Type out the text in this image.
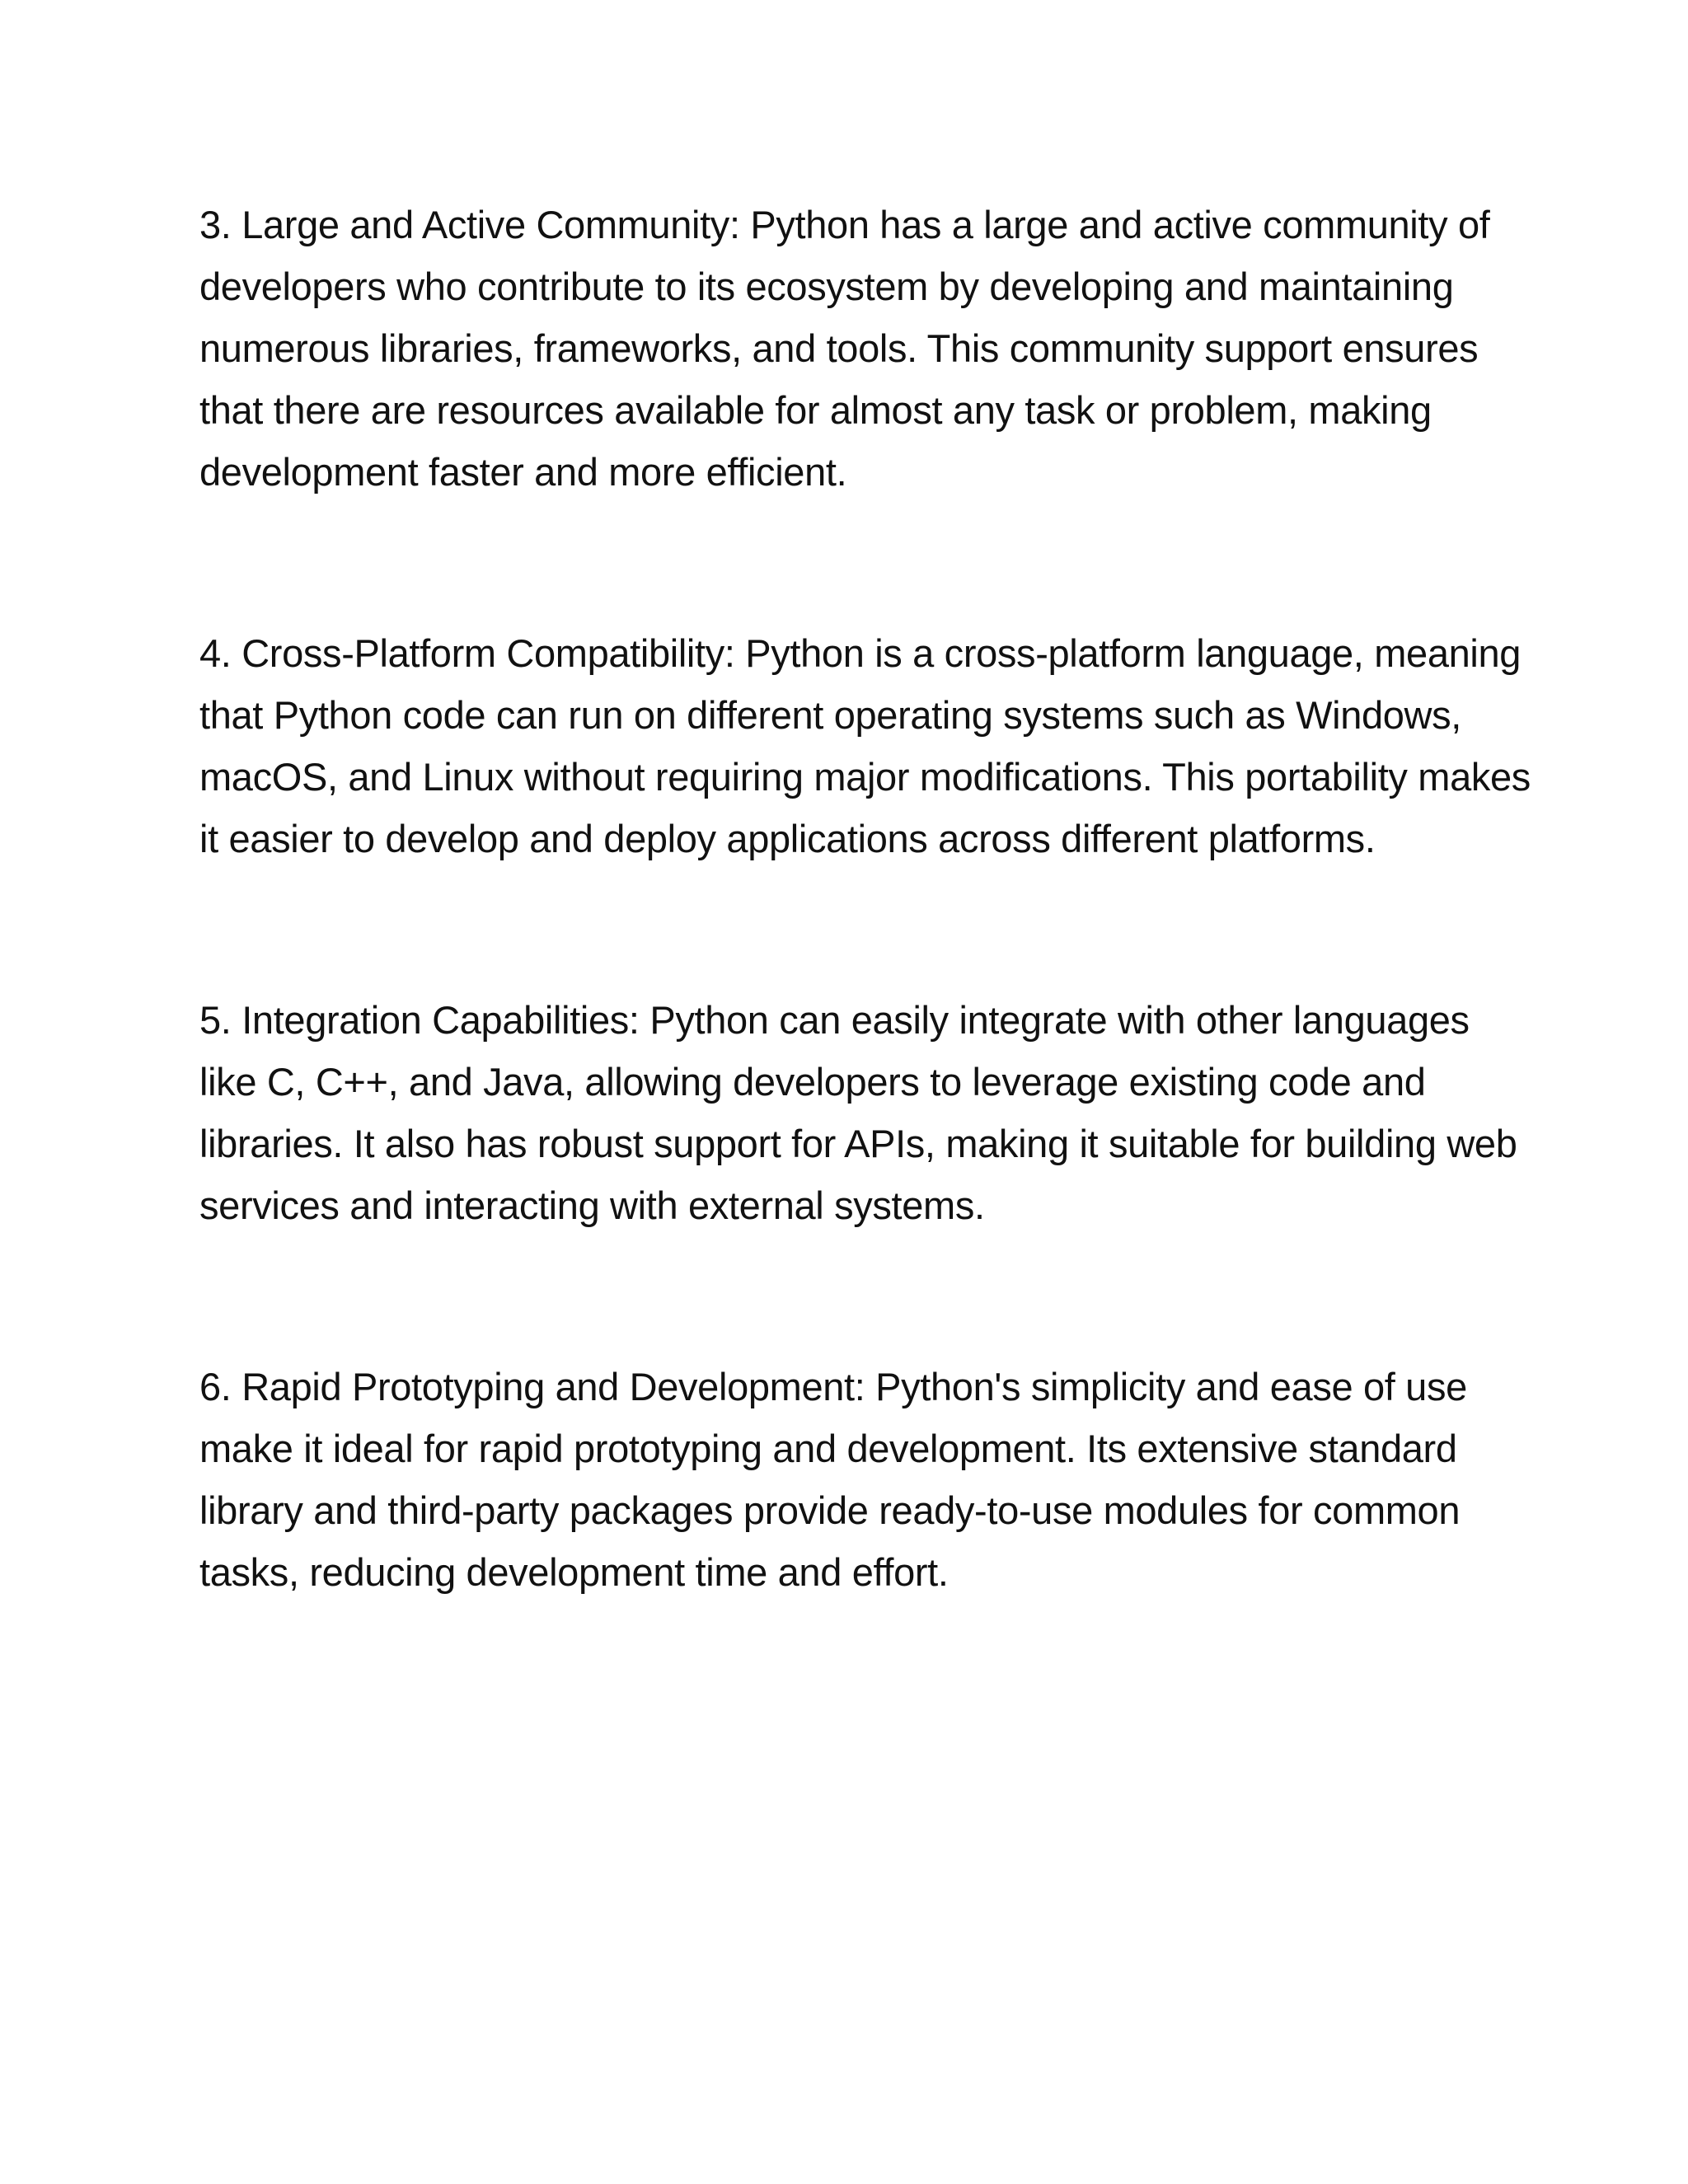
3. Large and Active Community: Python has a large and active community of developers who contribute to its ecosystem by developing and maintaining numerous libraries, frameworks, and tools. This community support ensures that there are resources available for almost any task or problem, making development faster and more efficient.

4. Cross-Platform Compatibility: Python is a cross-platform language, meaning that Python code can run on different operating systems such as Windows, macOS, and Linux without requiring major modifications. This portability makes it easier to develop and deploy applications across different platforms.

5. Integration Capabilities: Python can easily integrate with other languages like C, C++, and Java, allowing developers to leverage existing code and libraries. It also has robust support for APIs, making it suitable for building web services and interacting with external systems.

6. Rapid Prototyping and Development: Python's simplicity and ease of use make it ideal for rapid prototyping and development. Its extensive standard library and third-party packages provide ready-to-use modules for common tasks, reducing development time and effort.
